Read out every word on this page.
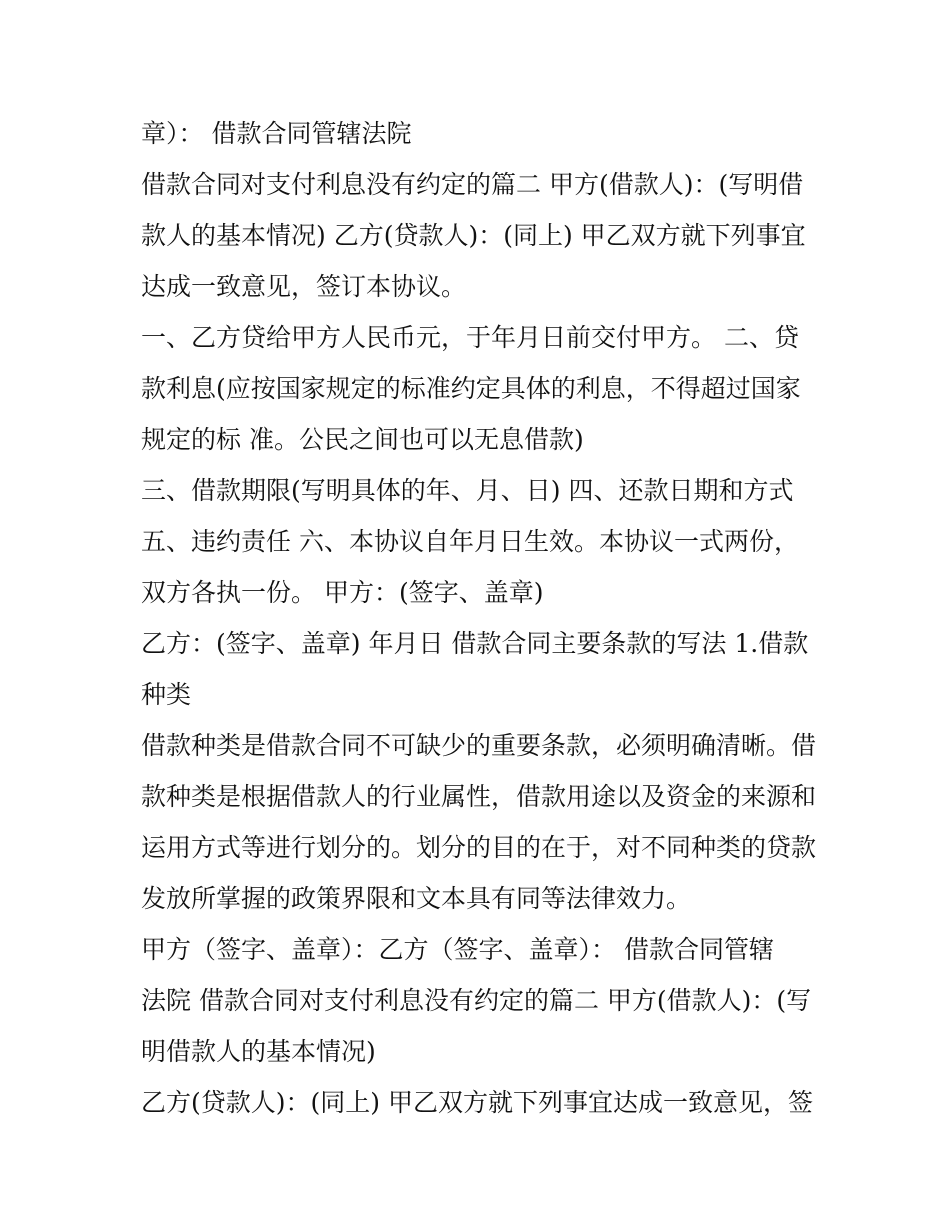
章）： 借款合同管辖法院
借款合同对支付利息没有约定的篇二 甲方(借款人)：(写明借
款人的基本情况) 乙方(贷款人)：(同上) 甲乙双方就下列事宜
达成一致意见，签订本协议。
一、乙方贷给甲方人民币元，于年月日前交付甲方。 二、贷
款利息(应按国家规定的标准约定具体的利息，不得超过国家
规定的标 准。公民之间也可以无息借款)
三、借款期限(写明具体的年、月、日) 四、还款日期和方式
五、违约责任 六、本协议自年月日生效。本协议一式两份，
双方各执一份。 甲方：(签字、盖章)
乙方：(签字、盖章) 年月日 借款合同主要条款的写法 1.借款
种类
借款种类是借款合同不可缺少的重要条款，必须明确清晰。借
款种类是根据借款人的行业属性，借款用途以及资金的来源和
运用方式等进行划分的。划分的目的在于，对不同种类的贷款
发放所掌握的政策界限和文本具有同等法律效力。
甲方（签字、盖章）：乙方（签字、盖章）： 借款合同管辖
法院 借款合同对支付利息没有约定的篇二 甲方(借款人)：(写
明借款人的基本情况)
乙方(贷款人)：(同上) 甲乙双方就下列事宜达成一致意见，签
